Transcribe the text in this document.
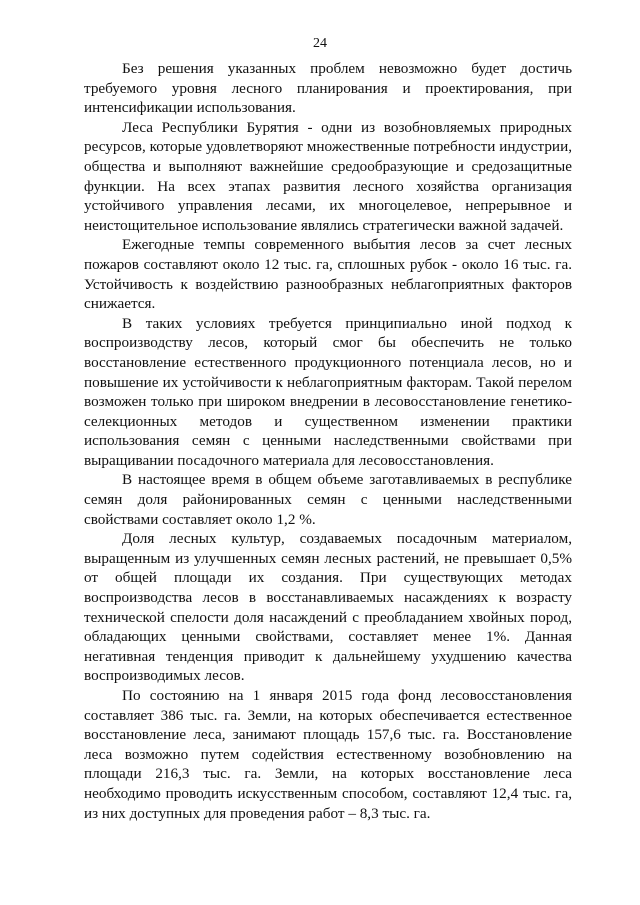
24

Без решения указанных проблем невозможно будет достичь требуемого уровня лесного планирования и проектирования, при интенсификации использования.

Леса Республики Бурятия - одни из возобновляемых природных ресурсов, которые удовлетворяют множественные потребности индустрии, общества и выполняют важнейшие средообразующие и средозащитные функции. На всех этапах развития лесного хозяйства организация устойчивого управления лесами, их многоцелевое, непрерывное и неистощительное использование являлись стратегически важной задачей.

Ежегодные темпы современного выбытия лесов за счет лесных пожаров составляют около 12 тыс. га, сплошных рубок - около 16 тыс. га. Устойчивость к воздействию разнообразных неблагоприятных факторов снижается.

В таких условиях требуется принципиально иной подход к воспроизводству лесов, который смог бы обеспечить не только восстановление естественного продукционного потенциала лесов, но и повышение их устойчивости к неблагоприятным факторам. Такой перелом возможен только при широком внедрении в лесовосстановление генетико-селекционных методов и существенном изменении практики использования семян с ценными наследственными свойствами при выращивании посадочного материала для лесовосстановления.

В настоящее время в общем объеме заготавливаемых в республике семян доля районированных семян с ценными наследственными свойствами составляет около 1,2 %.

Доля лесных культур, создаваемых посадочным материалом, выращенным из улучшенных семян лесных растений, не превышает 0,5% от общей площади их создания. При существующих методах воспроизводства лесов в восстанавливаемых насаждениях к возрасту технической спелости доля насаждений с преобладанием хвойных пород, обладающих ценными свойствами, составляет менее 1%. Данная негативная тенденция приводит к дальнейшему ухудшению качества воспроизводимых лесов.

По состоянию на 1 января 2015 года фонд лесовосстановления составляет 386 тыс. га. Земли, на которых обеспечивается естественное восстановление леса, занимают площадь 157,6 тыс. га. Восстановление леса возможно путем содействия естественному возобновлению на площади 216,3 тыс. га. Земли, на которых восстановление леса необходимо проводить искусственным способом, составляют 12,4 тыс. га, из них доступных для проведения работ – 8,3 тыс. га.
